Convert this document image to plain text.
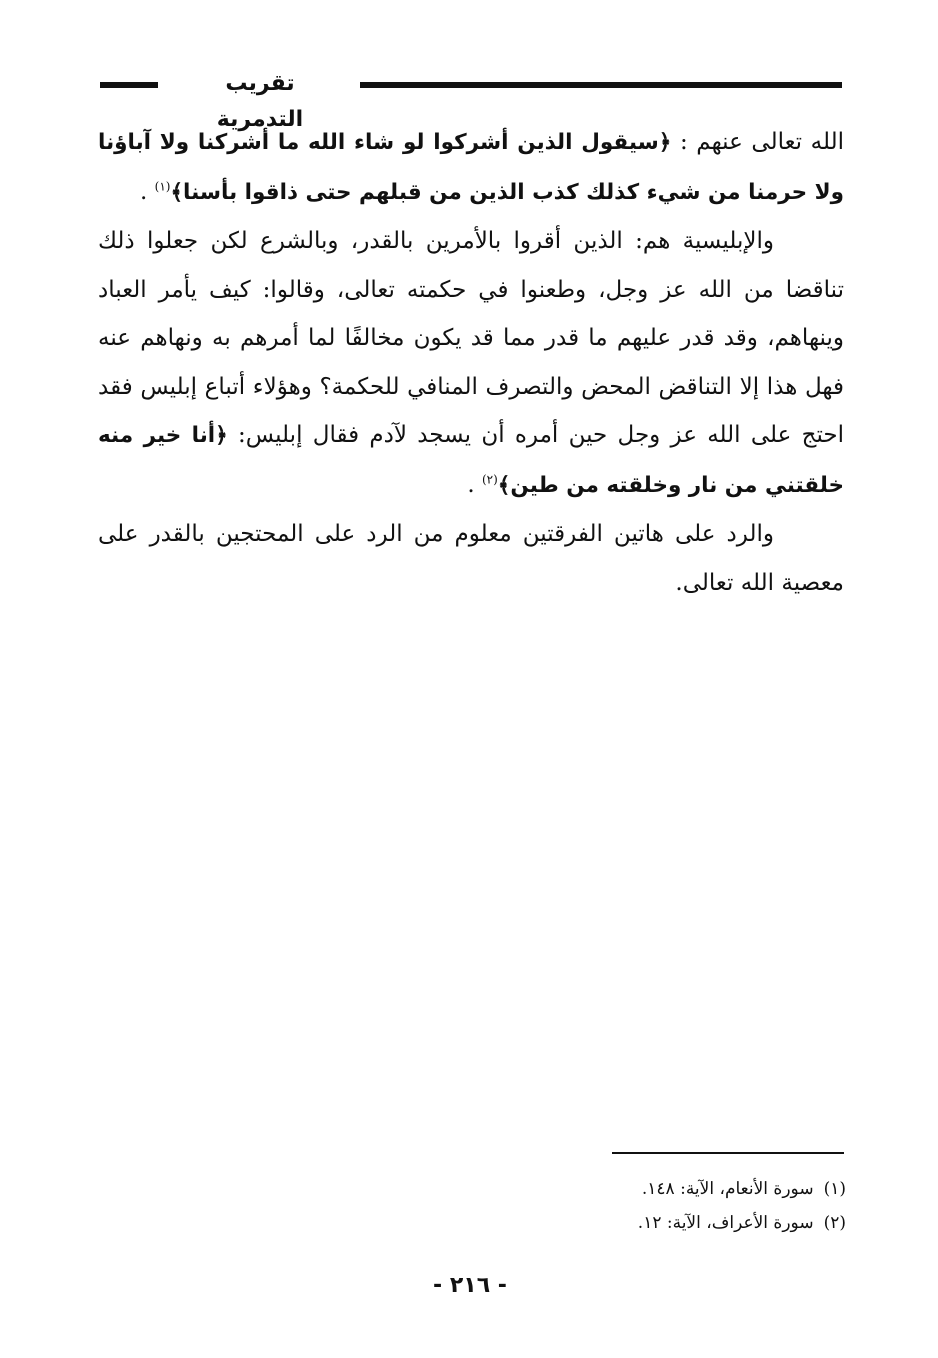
تقريب التدمرية

الله تعالى عنهم : ﴿سيقول الذين أشركوا لو شاء الله ما أشركنا ولا آباؤنا ولا حرمنا من شيء كذلك كذب الذين من قبلهم حتى ذاقوا بأسنا﴾$^{(١)}$ .

والإبليسية هم: الذين أقروا بالأمرين بالقدر، وبالشرع لكن جعلوا ذلك تناقضا من الله عز وجل، وطعنوا في حكمته تعالى، وقالوا: كيف يأمر العباد وينهاهم، وقد قدر عليهم ما قدر مما قد يكون مخالفًا لما أمرهم به ونهاهم عنه فهل هذا إلا التناقض المحض والتصرف المنافي للحكمة؟ وهؤلاء أتباع إبليس فقد احتج على الله عز وجل حين أمره أن يسجد لآدم فقال إبليس: ﴿أنا خير منه خلقتني من نار وخلقته من طين﴾$^{(٢)}$ .

والرد على هاتين الفرقتين معلوم من الرد على المحتجين بالقدر على معصية الله تعالى.

(١)سورة الأنعام، الآية: ١٤٨.
(٢)سورة الأعراف، الآية: ١٢.
- ٢١٦ -
